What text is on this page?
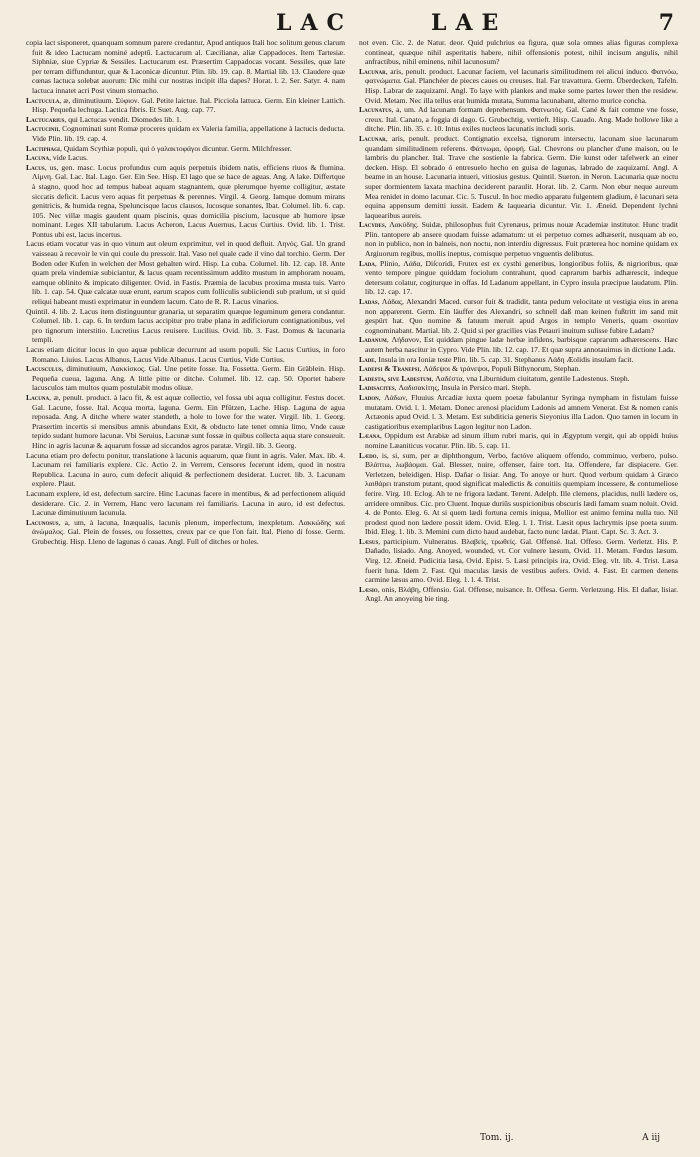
LAC	LAE	7

copia lact sisponeret, quanquam somnum parere credantur, Apud antiquos Itali hoc solitum genus clarum fuit & ideo Lactucam nominé adeptū. Lactucarum al. Cæcilianæ, aliæ Cappadoces. Item Tartesiæ. Siphniæ, siue Cypriæ & Sessiles. Lactucarum est. Præsertim Cappadocas vocant. Sessiles, quæ late per terram diffunduntur, quæ & Laconicæ dicuntur. Plin. lib. 19. cap. 8. Martial lib. 13. Claudere quæ cœnas lactuca solebat auorum: Dic mihi cur nostras incipit illa dapes? Horat. l. 2. Ser. Satyr. 4. nam lactuca innatet acri Post vinum stomacho.

Lactucula, æ, diminutiuum. Σύφιον. Gal. Petite laictue. Ital. Picciola lattuca. Germ. Ein kleiner Lattich. Hisp. Pequeña lechuga. Lactica fibris. Et Suet. Aug. cap. 77.

Lactucarius, qui Lactucas vendit. Diomedes lib. 1.

Lactucinii, Cognominati sunt Romæ proceres quidam ex Valeria familia, appellatione à lactucis deducta. Vide Plin. lib. 19. cap. 4.

Lactiphagi, Quidam Scythiæ populi, qui ὁ γαλακτοφάγοι dicuntur. Germ. Milchfresser.

Lacuna, vide Lacus.

Lacus, us, gen. masc. Locus profundus cum aquis perpetuis ibidem natis, efficiens riuos & flumina. Λίμνη. Gal. Lac. Ital. Lago. Ger. Ein See. Hisp. El lago que se hace de aguas. Ang. A lake. Differtque à stagno, quod hoc ad tempus habeat aquam stagnantem, quæ plerumque hyeme colligitur, æstate siccatis deficit. Lacus vero aquas fit perpetuas & perennes. Virgil. 4. Georg. Iamque domum mirans genitricis, & humida regna, Speluncisque lacus clausos, lucosque sonantes, Ibat. Columel. lib. 6. cap. 105. Nec villæ magis gaudent quam piscinis, quas domicilia piscium, lacusque ab humore ipsæ nominant. Leges XII tabularum. Lacus Acheron, Lacus Auernus, Lacus Curtius. Ovid. lib. 1. Trist. Pontus ubi est, lacus incertus.

Lacus etiam vocatur vas in quo vinum aut oleum exprimitur, vel in quod defluit. Ληνός. Gal. Un grand vaisseau à recevoir le vin qui coule du pressoir. Ital. Vaso nel quale cade il vino dal torchio. Germ. Der Boden oder Kufen in welchen der Most gehalten wird. Hisp. La cuba. Columel. lib. 12. cap. 18. Ante quam prela vindemiæ subiciantur, & lacus quam recentissimum addito mustum in amphoram nouam, eamque oblinito & impicato diligenter. Ovid. in Fastis. Præmia de lacubus proxima musta tuis. Varro lib. 1. cap. 54. Quæ calcatæ uuæ erunt, earum scapos cum folliculis subiiciendi sub prælum, ut si quid reliqui habeant musti exprimatur in eundem lacum. Cato de R. R. Lacus vinarios.

Quintil. 4. lib. 2. Lacus item distinguuntur granaria, ut separatim quæque leguminum genera condantur. Columel. lib. 1. cap. 6. In terdum lacus accipitur pro trabe plana in ædificiorum contignationibus, vel pro tignorum interstitio. Lucretius Lacus reuisere. Lucilius. Ovid. lib. 3. Fast. Domus & lacunaria templi.

Lacus etiam dicitur locus in quo aquæ publicæ decurrunt ad usum populi. Sic Lacus Curtius, in foro Romano. Liuius. Lacus Albanus, Lacus Vide Albanus. Lacus Curtius, Vide Curtius.

Lacusculus, diminutiuum, Λακκίσκος. Gal. Une petite fosse. Ita. Fossetta. Germ. Ein Gräblein. Hisp. Pequeña cueua, laguna. Ang. A little pitte or ditche. Columel. lib. 12. cap. 50. Oportet habere lacusculos tam multos quam postulabit modus oliuæ.

Lacuna, æ, penult. product. à lacu fit, & est aquæ collectio, vel fossa ubi aqua colligitur. Festus docet. Gal. Lacune, fosse. Ital. Acqua morta, laguna. Germ. Ein Pfützen, Lache. Hisp. Laguna de agua reposada. Ang. A ditche where water standeth, a hole to lowe for the water. Virgil. lib. 1. Georg. Præsertim incertis si mensibus amnis abundans Exit, & obducto late tenet omnia limo, Vnde cauæ tepido sudant humore lacunæ. Vbi Seruius, Lacunæ sunt fossæ in quibus collecta aqua stare consueuit. Hinc in agris lacunæ & aquarum fossæ ad siccandos agros paratæ. Virgil. lib. 3. Georg.

Lacuna etiam pro defectu ponitur, translatione à lacunis aquarum, quæ fiunt in agris. Valer. Max. lib. 4. Lacunam rei familiaris explere. Cic. Actio 2. in Verrem, Censores fecerunt idem, quod in nostra Republica. Lacuna in auro, cum defecit aliquid & perfectionem desiderat. Lucret. lib. 3. Lacunam explere. Plaut.

Lacunam explere, id est, defectum sarcire. Hinc Lacunas facere in mentibus, & ad perfectionem aliquid desiderare. Cic. 2. in Verrem, Hanc vero lacunam rei familiaris. Lacuna in auro, id est defectus. Lacunæ diminutiuum lacunula.

Lacunosus, a, um, à lacuna, Inæqualis, lacunis plenum, imperfectum, inexpletum. Λακκώδης καὶ ἀνώμαλος. Gal. Plein de fosses, ou fossettes, creux par ce que l'on fait. Ital. Pieno di fosse. Germ. Grubechtig. Hisp. Lleno de lagunas ó cauas. Angl. Full of ditches or holes.

not even. Cic. 2. de Natur. deor. Quid pulchrius ea figura, quæ sola omnes alias figuras complexa contineat, quæque nihil asperitatis habere, nihil offensionis potest, nihil incisum angulis, nihil anfractibus, nihil eminens, nihil lacunosum?

Lacunar, aris, penult. product. Lacunar faciem, vel lacunaris similitudinem rei alicui induco. Φατνόω, φατνώματα. Gal. Planchéer de pieces caues ou creuses. Ital. Far travattura. Germ. Überdecken, Tafeln. Hisp. Labrar de zaquizamí. Angl. To laye with plankes and make some partes lower then the residew. Ovid. Metam. Nec illa tellus erat humida mutata, Summa lacunabant, alterno murice concha.

Lacunatus, a, um. Ad lacunam formam deprehensum. Φατνωτός. Gal. Cané & fait comme vne fosse, creux. Ital. Canato, a foggia di dago. G. Grubechtig, vertieft. Hisp. Cauado. Ang. Made hollowe like a ditche. Plin. lib. 35. c. 10. Intus exiles nucleos lacunatis includi soris.

Lacunar, aris, penult. product. Contignatio excelsa, tignorum intersectu, lacunam siue lacunarum quandam similitudinem referens. Φάτνωμα, ὀροφή. Gal. Chevrons ou plancher d'une maison, ou le lambris du plancher. Ital. Trave che sostienle la fabrica. Germ. Die kunst oder tafelwerk an einer decken. Hisp. El sobrado ó entresuelo hecho en guisa de lagunas, labrado de zaquizamí. Angl. A beame in an house. Lacunaria intueri, vitiosius gestus. Quintil. Sueton. in Neron. Lacunaria quæ noctu super dormientem laxata machina deciderent paraulit. Horat. lib. 2. Carm. Non ebur neque aureum Mea renidet in domo lacunar. Cic. 5. Tuscul. In hoc medio apparatu fulgentem gladium, è lacunari seta equina appensum demitti iussit. Eadem & laquearia dicuntur. Vir. 1. Æneid. Dependent lychni laquearibus aureis.

Lacydes, Λακύδης. Suidæ, philosophus fuit Cyrenæus, primus nouæ Academiæ institutor. Hunc tradit Plin. tantopere ab ansere quodam fuisse adamatum: ut ei perpetuo comes adhæserit, nusquam ab eo, non in publico, non in balneis, non noctu, non interdiu digressus. Fuit præterea hoc nomine quidam ex Argiuorum regibus, mollis ineptus, comisque perpetuo vnguentis delibutus.

Lada, Plinio, Λάδα, Diſcoridi, Frutex est ex cysthi generibus, longioribus foliis, & nigrioribus, quæ vento tempore pingue quiddam fociolum contrahunt, quod caprarum barbis adhærescit, indeque detersum colatur, cogiturque in offas. Id Ladanum appellant, in Cypro insula præcipue laudatum. Plin. lib. 12. cap. 17.

Ladas, Λάδας, Alexandri Maced. cursor fuit & tradidit, tanta pedum velocitate ut vestigia eius in arena non apparerent. Germ. Ein läuffer des Alexandri, so schnell daß man keinen fußtritt im sand mit gespürt hat. Quo nomine & fatuum meruit apud Argos in templo Veneris, quam σκοπίαν cognominabant. Martial. lib. 2. Quid si per gracilies vias Petauri inuitum sulisse fubire Ladam?

Ladanum, Λήδανον, Est quiddam pingue ladæ herbæ infidens, barbisque caprarum adhærescens. Hæc autem herba nascitur in Cypro. Vide Plin. lib. 12. cap. 17. Et quæ supra annotauimus in dictione Lada.

Lade, Insula in ora Ioniæ teste Plin. lib. 5. cap. 31. Stephanus Λάδη Æolidis insulam facit.

Ladepsi & Tranepsi, Λάδεψοι & τράνεψοι, Populi Bithynorum, Stephan.

Ladesta, sive Ladestum, Λαδέστα, vna Liburnidum ciuitatum, gentile Ladestenus. Steph.

Ladisacites, Λαδισακίτης, Insula in Persico mari. Steph.

Ladon, Λάδων, Fluuius Arcadiæ iuxta quem poetæ fabulantur Syringa nympham in fistulam fuisse mutatam. Ovid. l. 1. Metam. Donec arenosi placidum Ladonis ad amnem Venerat. Est & nomen canis Actæonis apud Ovid. l. 3. Metam. Est subditicia generis Sieyonius illa Ladon. Quo tamen in locum in castigatioribus exemplaribus Lagon legitur non Ladon.

Læana, Oppidum est Arabiæ ad sinum illum rubri maris, qui in Ægyptum vergit, qui ab oppidi huius nomine Læaniticus vocatur. Plin. lib. 5. cap. 11.

Lædo, is, si, sum, per æ diphthongum, Verbo, factóve aliquem offendo, comminuo, verbero, pulso. Βλάπτω, λωβάομαι. Gal. Blesser, nuire, offenser, faire tort. Ita. Offendere, far dispiacere. Ger. Verletzen, beleidigen. Hisp. Dañar o lisiar. Ang. To anoye or hurt. Quod verbum quidam à Græco λαιθάρει transtum putant, quod significat maledictis & conuitiis quempiam incessere, & contumeliose ferire. Virg. 10. Eclog. Ah te ne frigora lædant. Terent. Adelph. Ille clemens, placidus, nulli lædere os, arridere omnibus. Cic. pro Cluent. Inquæ duriūs suspicionibus obscuris lædi famam suam noluit. Ovid. 4. de Ponto. Eleg. 6. At si quem lædi fortuna cernis iniqua, Mollior est animo femina nulla tuo. Nil prodest quod non lædere possit idem. Ovid. Eleg. l. 1. Trist. Læsit opus lachrymis ipse poeta suum. Ibid. Eleg. 1. lib. 3. Memini cum dicto haud audebat, facto nunc lædat. Plaut. Capt. Sc. 3. Act. 3.

Læsus, participium. Vulneratus. Βλαβείς, τρωθείς. Gal. Offensé. Ital. Offeso. Germ. Verletzt. His. P. Dañado, lisiado. Ang. Anoyed, wounded, vt. Cor vulnere læsum, Ovid. 11. Metam. Fœdus læsum. Virg. 12. Æneid. Pudicitia læsa, Ovid. Epist. 5. Læsi principis ira, Ovid. Eleg. vlt. lib. 4. Trist. Læsa fuerit luna. Idem 2. Fast. Qui maculas læsis de vestibus aufers. Ovid. 4. Fast. Et carmen denens carmine læsus amo. Ovid. Eleg. 1. l. 4. Trist.

Læsio, onis, Βλάβη, Offensio. Gal. Offense, nuisance. It. Offesa. Germ. Verletzung. His. El dañar, lisiar. Angl. An anoyeing bie ting.

Tom. ij.	A iij
